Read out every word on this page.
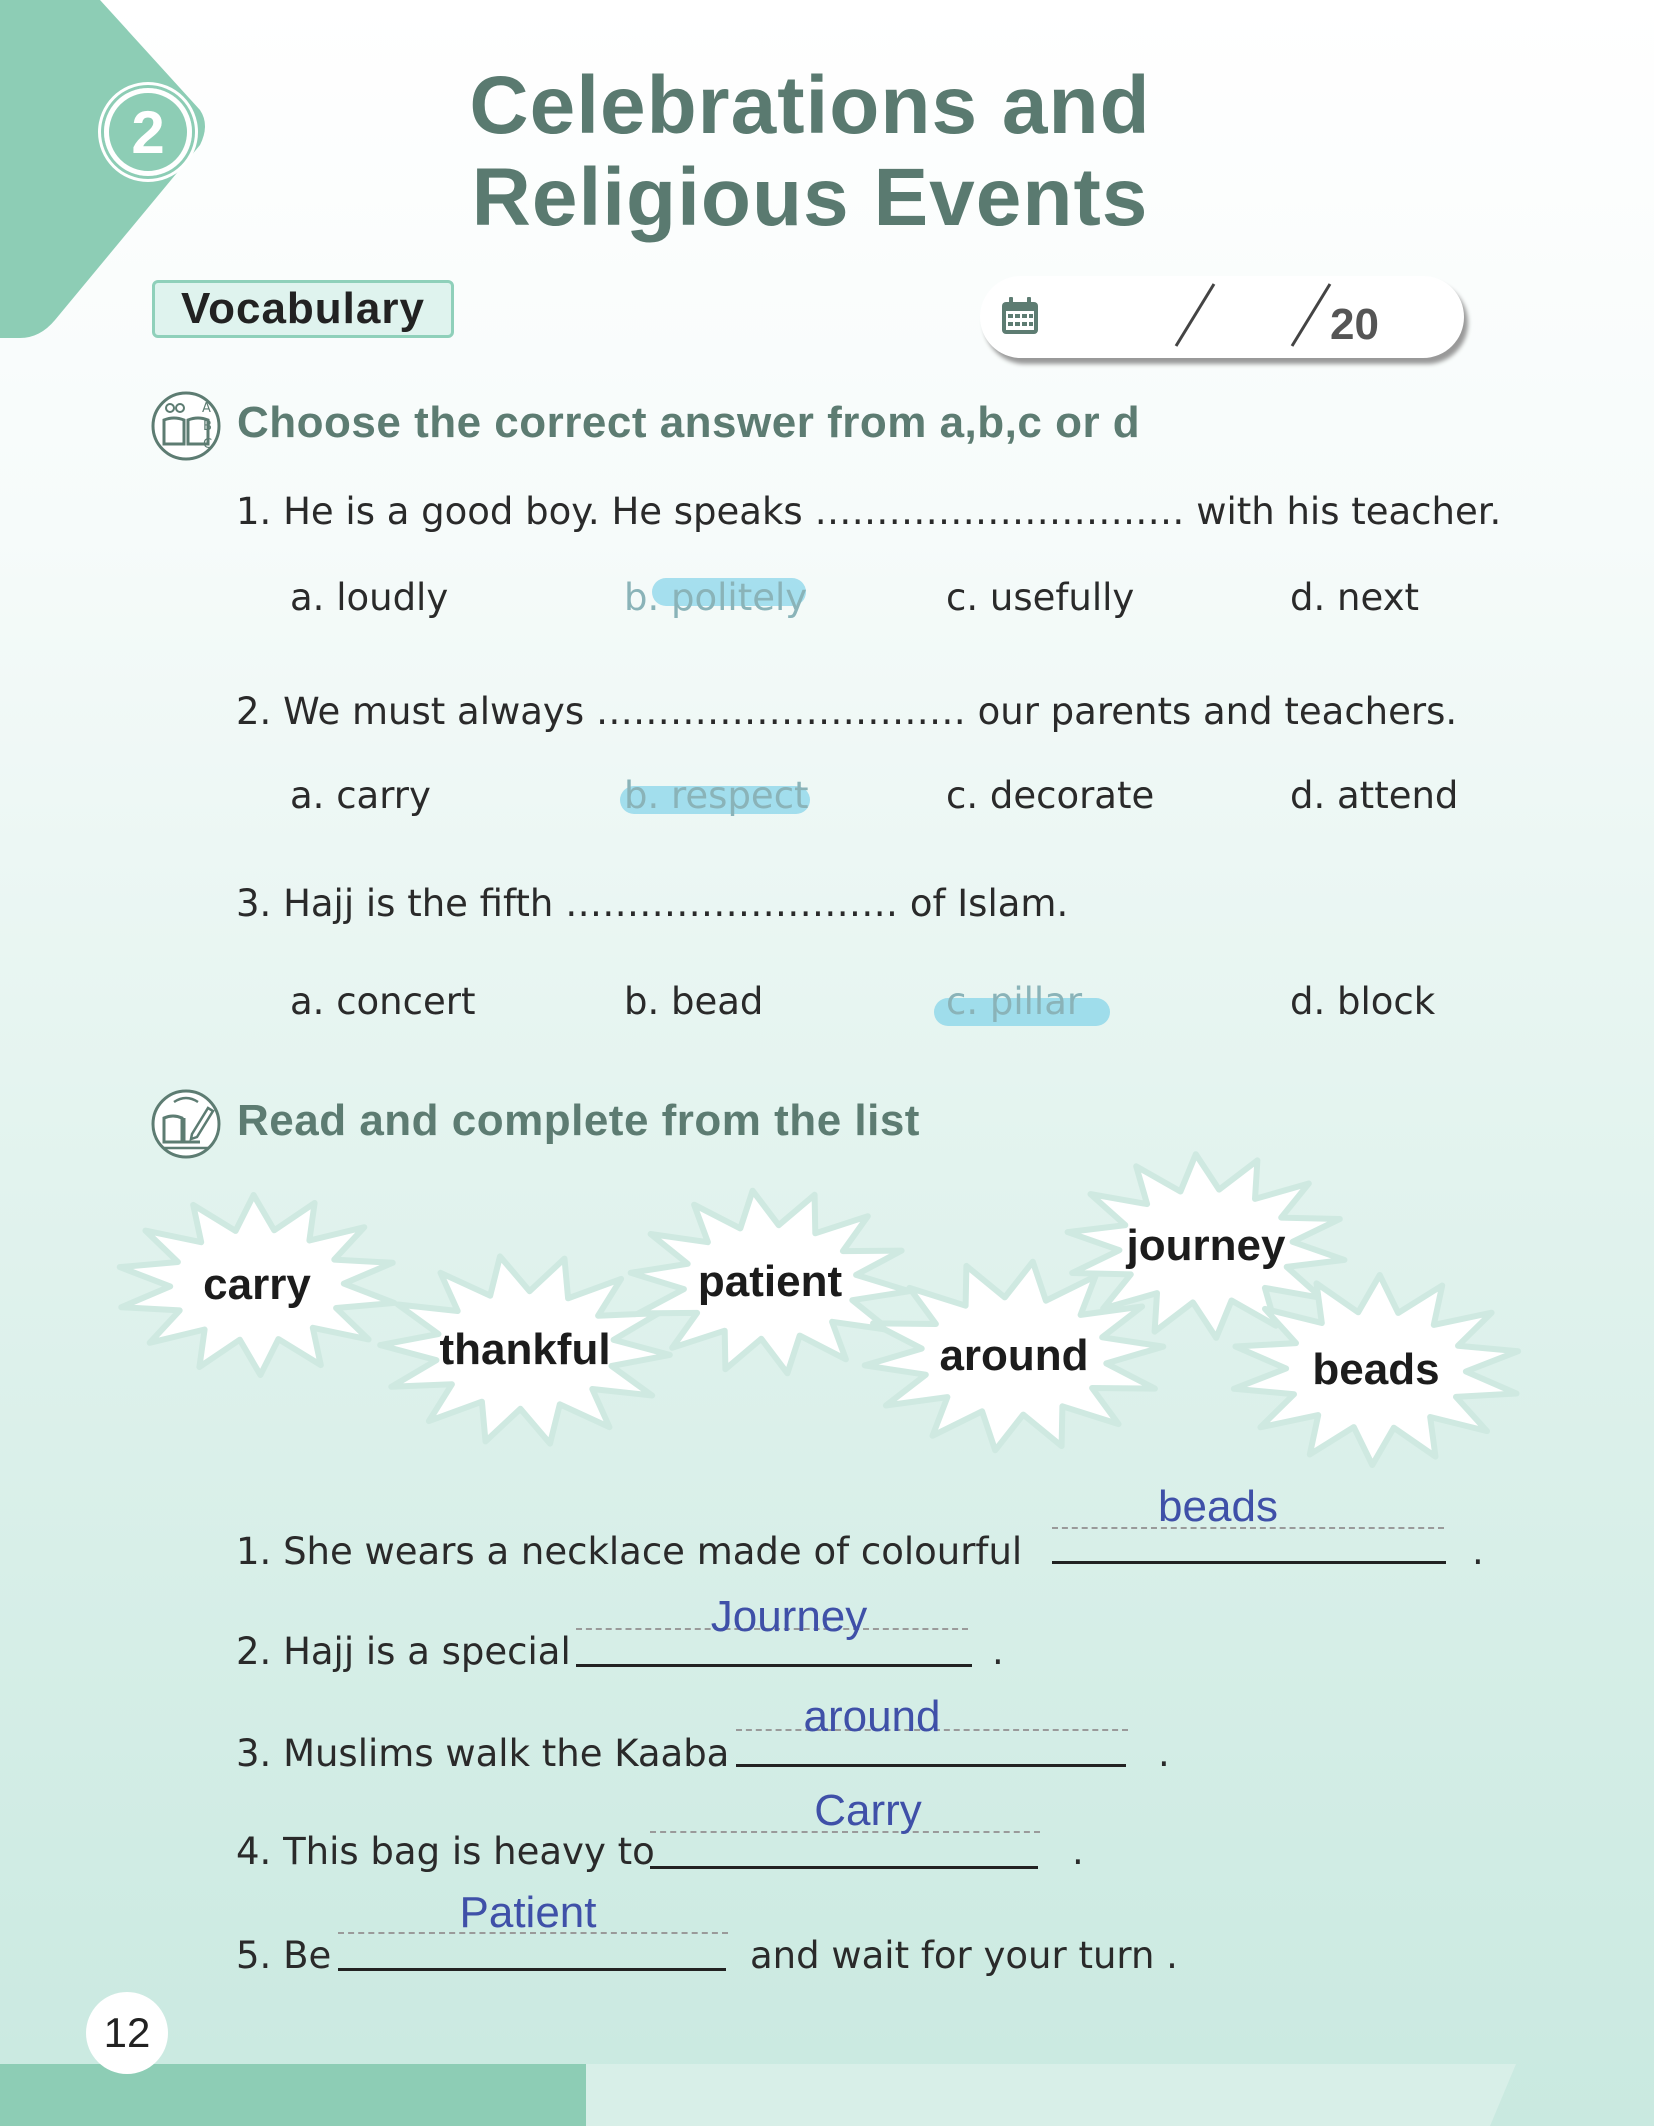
2	Celebrations and
Religious Events
Vocabulary	20
A
B
C Choose the correct answer from a,b,c or d
1. He is a good boy. He speaks ………………………… with his teacher.
a. loudly	b. politely	c. usefully	d. next
2. We must always ………………………… our parents and teachers.
a. carry	b. respect	c. decorate	d. attend
3. Hajj is the fifth ……………………… of Islam.
a. concert	b. bead	c. pillar	d. block
Read and complete from the list
carry
thankful
patient
around
journey
beads
1. She wears a necklace made of colourful
beads
.
2. Hajj is a special
Journey
.
3. Muslims walk the Kaaba
around
.
4. This bag is heavy to
Carry
.
5. Be
Patient
and wait for your turn .
12
